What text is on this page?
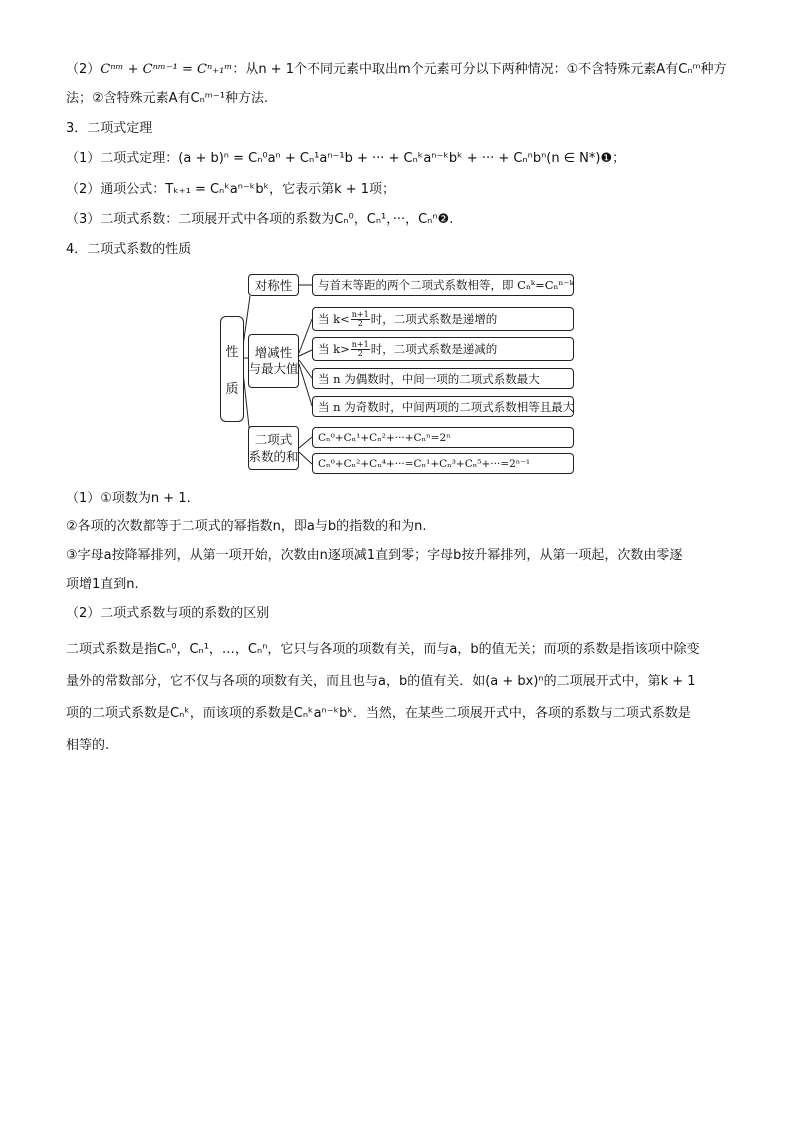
（2）Cⁿᵐ + Cⁿᵐ⁻¹ = Cⁿ₊₁ᵐ：从n + 1个不同元素中取出m个元素可分以下两种情况：①不含特殊元素A有Cₙᵐ种方
法；②含特殊元素A有Cₙᵐ⁻¹种方法.
3．二项式定理
（1）二项式定理：(a + b)ⁿ = Cₙ⁰aⁿ + Cₙ¹aⁿ⁻¹b + ··· + Cₙᵏaⁿ⁻ᵏbᵏ + ··· + Cₙⁿbⁿ(n ∈ N*)❶；
（2）通项公式：Tₖ₊₁ = Cₙᵏaⁿ⁻ᵏbᵏ，它表示第k + 1项；
（3）二项式系数：二项展开式中各项的系数为Cₙ⁰，Cₙ¹，···，Cₙⁿ❷.
4．二项式系数的性质
性
质
对称性
增减性
与最大值
二项式
系数的和
与首末等距的两个二项式系数相等，即 Cₙᵏ=Cₙⁿ⁻ᵏ
当 $k< \frac{n+1}{2}$ 时，二项式系数是递增的
当 $k> \frac{n+1}{2}$ 时，二项式系数是递减的
当 n 为偶数时，中间一项的二项式系数最大
当 n 为奇数时，中间两项的二项式系数相等且最大
Cₙ⁰+Cₙ¹+Cₙ²+···+Cₙⁿ=2ⁿ
Cₙ⁰+Cₙ²+Cₙ⁴+···=Cₙ¹+Cₙ³+Cₙ⁵+···=2ⁿ⁻¹
（1）①项数为n + 1.
②各项的次数都等于二项式的幂指数n，即a与b的指数的和为n.
③字母a按降幂排列，从第一项开始，次数由n逐项减1直到零；字母b按升幂排列，从第一项起，次数由零逐
项增1直到n.
（2）二项式系数与项的系数的区别
二项式系数是指Cₙ⁰，Cₙ¹，…，Cₙⁿ，它只与各项的项数有关，而与a，b的值无关；而项的系数是指该项中除变
量外的常数部分，它不仅与各项的项数有关，而且也与a，b的值有关．如(a + bx)ⁿ的二项展开式中，第k + 1
项的二项式系数是Cₙᵏ，而该项的系数是Cₙᵏaⁿ⁻ᵏbᵏ．当然，在某些二项展开式中，各项的系数与二项式系数是
相等的.
